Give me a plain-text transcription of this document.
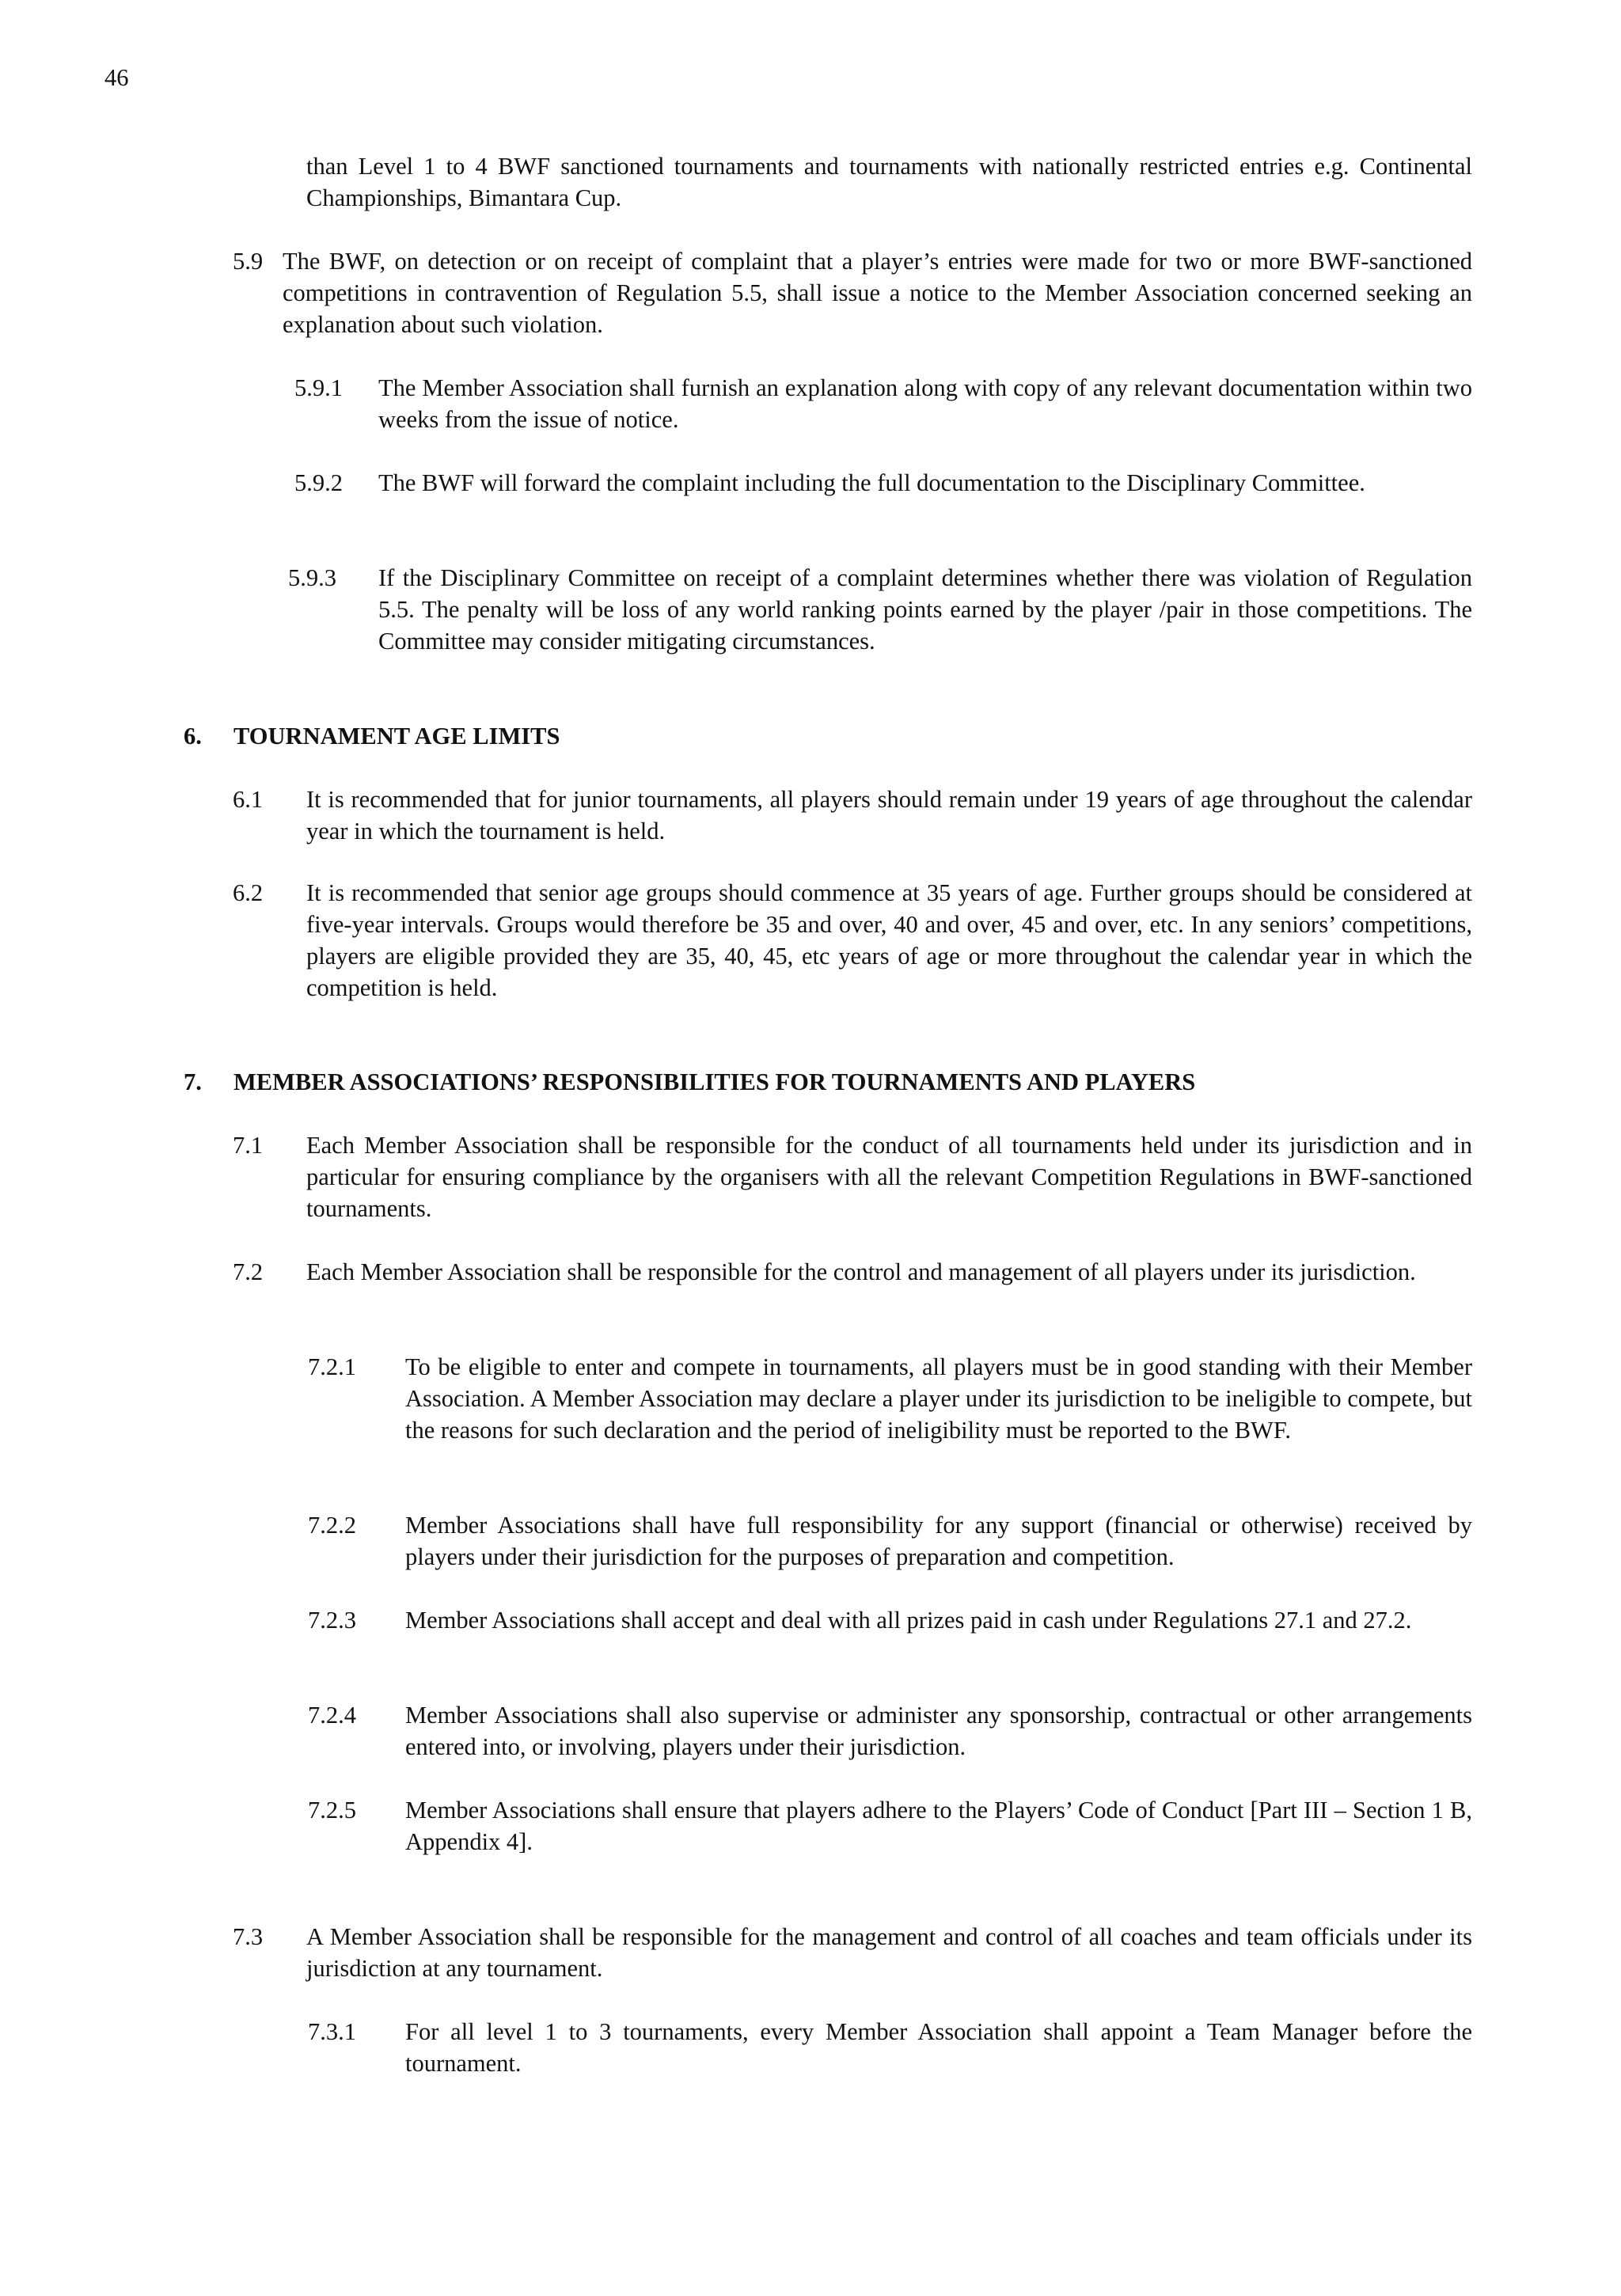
46
than Level 1 to 4 BWF sanctioned tournaments and tournaments with nationally restricted entries e.g. Continental Championships, Bimantara Cup.
5.9 The BWF, on detection or on receipt of complaint that a player’s entries were made for two or more BWF-sanctioned competitions in contravention of Regulation 5.5, shall issue a notice to the Member Association concerned seeking an explanation about such violation.
5.9.1 The Member Association shall furnish an explanation along with copy of any relevant documentation within two weeks from the issue of notice.
5.9.2 The BWF will forward the complaint including the full documentation to the Disciplinary Committee.
5.9.3 If the Disciplinary Committee on receipt of a complaint determines whether there was violation of Regulation 5.5. The penalty will be loss of any world ranking points earned by the player /pair in those competitions. The Committee may consider mitigating circumstances.
6. TOURNAMENT AGE LIMITS
6.1 It is recommended that for junior tournaments, all players should remain under 19 years of age throughout the calendar year in which the tournament is held.
6.2 It is recommended that senior age groups should commence at 35 years of age. Further groups should be considered at five-year intervals. Groups would therefore be 35 and over, 40 and over, 45 and over, etc. In any seniors’ competitions, players are eligible provided they are 35, 40, 45, etc years of age or more throughout the calendar year in which the competition is held.
7. MEMBER ASSOCIATIONS’ RESPONSIBILITIES FOR TOURNAMENTS AND PLAYERS
7.1 Each Member Association shall be responsible for the conduct of all tournaments held under its jurisdiction and in particular for ensuring compliance by the organisers with all the relevant Competition Regulations in BWF-sanctioned tournaments.
7.2 Each Member Association shall be responsible for the control and management of all players under its jurisdiction.
7.2.1 To be eligible to enter and compete in tournaments, all players must be in good standing with their Member Association. A Member Association may declare a player under its jurisdiction to be ineligible to compete, but the reasons for such declaration and the period of ineligibility must be reported to the BWF.
7.2.2 Member Associations shall have full responsibility for any support (financial or otherwise) received by players under their jurisdiction for the purposes of preparation and competition.
7.2.3 Member Associations shall accept and deal with all prizes paid in cash under Regulations 27.1 and 27.2.
7.2.4 Member Associations shall also supervise or administer any sponsorship, contractual or other arrangements entered into, or involving, players under their jurisdiction.
7.2.5 Member Associations shall ensure that players adhere to the Players’ Code of Conduct [Part III – Section 1 B, Appendix 4].
7.3 A Member Association shall be responsible for the management and control of all coaches and team officials under its jurisdiction at any tournament.
7.3.1 For all level 1 to 3 tournaments, every Member Association shall appoint a Team Manager before the tournament.
